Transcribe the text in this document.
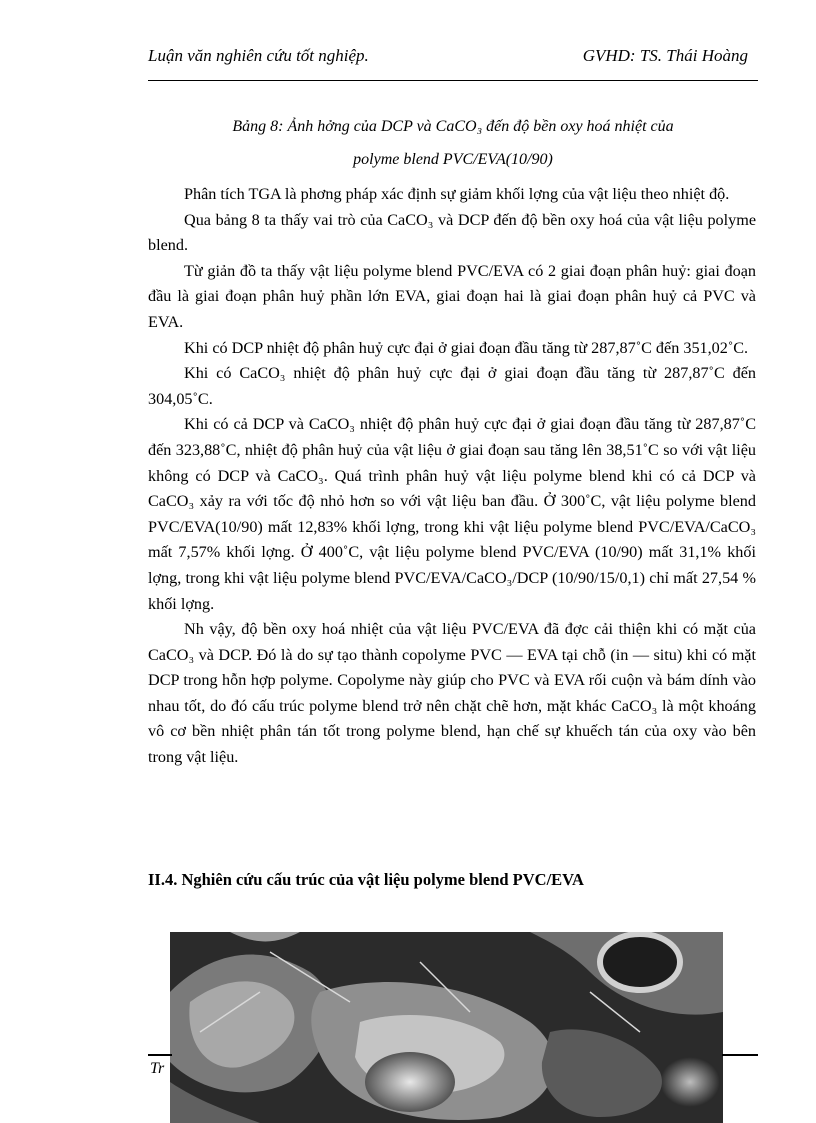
Luận văn nghiên cứu tốt nghiệp.	GVHD: TS. Thái Hoàng
Bảng 8: Ảnh hởng của DCP và CaCO₃ đến độ bền oxy hoá nhiệt của
polyme blend PVC/EVA(10/90)

Phân tích TGA là phơng pháp xác định sự giảm khối lợng của vật liệu theo nhiệt độ.

Qua bảng 8 ta thấy vai trò của CaCO₃ và DCP đến độ bền oxy hoá của vật liệu polyme blend.

Từ giản đồ ta thấy vật liệu polyme blend PVC/EVA có 2 giai đoạn phân huỷ: giai đoạn đầu là giai đoạn phân huỷ phần lớn EVA, giai đoạn hai là giai đoạn phân huỷ cả PVC và EVA.

Khi có DCP nhiệt độ phân huỷ cực đại ở giai đoạn đầu tăng từ 287,87˚C đến 351,02˚C.

Khi có CaCO₃ nhiệt độ phân huỷ cực đại ở giai đoạn đầu tăng từ 287,87˚C đến 304,05˚C.

Khi có cả DCP và CaCO₃ nhiệt độ phân huỷ cực đại ở giai đoạn đầu tăng từ 287,87˚C đến 323,88˚C, nhiệt độ phân huỷ của vật liệu ở giai đoạn sau tăng lên 38,51˚C so với vật liệu không có DCP và CaCO₃. Quá trình phân huỷ vật liệu polyme blend khi có cả DCP và CaCO₃ xảy ra với tốc độ nhỏ hơn so với vật liệu ban đầu. Ở 300˚C, vật liệu polyme blend PVC/EVA(10/90) mất 12,83% khối lợng, trong khi vật liệu polyme blend PVC/EVA/CaCO₃ mất 7,57% khối lợng. Ở 400˚C, vật liệu polyme blend PVC/EVA (10/90) mất 31,1% khối lợng, trong khi vật liệu polyme blend PVC/EVA/CaCO₃/DCP (10/90/15/0,1) chỉ mất 27,54 % khối lợng.

Nh vậy, độ bền oxy hoá nhiệt của vật liệu PVC/EVA đã đợc cải thiện khi có mặt của CaCO₃ và DCP. Đó là do sự tạo thành copolyme PVC — EVA tại chỗ (in — situ) khi có mặt DCP trong hỗn hợp polyme. Copolyme này giúp cho PVC và EVA rối cuộn và bám dính vào nhau tốt, do đó cấu trúc polyme blend trở nên chặt chẽ hơn, mặt khác CaCO₃ là một khoáng vô cơ bền nhiệt phân tán tốt trong polyme blend, hạn chế sự khuếch tán của oxy vào bên trong vật liệu.

II.4. Nghiên cứu cấu trúc của vật liệu polyme blend PVC/EVA
Tr
